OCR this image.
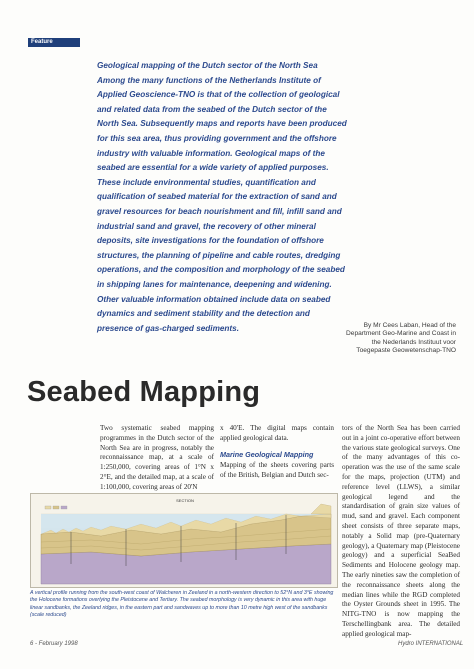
Feature

Geological mapping of the Dutch sector of the North Sea Among the many functions of the Netherlands Institute of Applied Geoscience-TNO is that of the collection of geological and related data from the seabed of the Dutch sector of the North Sea. Subsequently maps and reports have been produced for this sea area, thus providing government and the offshore industry with valuable information. Geological maps of the seabed are essential for a wide variety of applied purposes. These include environmental studies, quantification and qualification of seabed material for the extraction of sand and gravel resources for beach nourishment and fill, infill sand and industrial sand and gravel, the recovery of other mineral deposits, site investigations for the foundation of offshore structures, the planning of pipeline and cable routes, dredging operations, and the composition and morphology of the seabed in shipping lanes for maintenance, deepening and widening. Other valuable information obtained include data on seabed dynamics and sediment stability and the detection and presence of gas-charged sediments.	By Mr Cees Laban, Head of the Department Geo-Marine and Coast in the Nederlands Instituut voor Toegepaste Geowetenschap-TNO

Seabed Mapping

Two systematic seabed mapping programmes in the Dutch sector of the North Sea are in progress, notably the reconnaissance map, at a scale of 1:250,000, covering areas of 1°N x 2°E, and the detailed map, at a scale of 1:100,000, covering areas of 20'N

x 40'E. The digital maps contain applied geological data.

Marine Geological Mapping

Mapping of the sheets covering parts of the British, Belgian and Dutch sec-

tors of the North Sea has been carried out in a joint co-operative effort between the various state geological surveys. One of the many advantages of this co-operation was the use of the same scale for the maps, projection (UTM) and reference level (LLWS), a similar geological legend and the standardisation of grain size values of mud, sand and gravel. Each component sheet consists of three separate maps, notably a Solid map (pre-Quaternary geology), a Quaternary map (Pleistocene geology) and a superficial SeaBed Sediments and Holocene geology map. The early nineties saw the completion of the reconnaissance sheets along the median lines while the RGD completed the Oyster Grounds sheet in 1995. The NITG-TNO is now mapping the Terschellingbank area. The detailed applied geological map-

SECTION

A vertical profile running from the south-west coast of Walcheren in Zeeland in a north-western direction to 52°N and 3°E showing the Holocene formations overlying the Pleistocene and Tertiary. The seabed morphology is very dynamic in this area with huge linear sandbanks, the Zeeland ridges, in the eastern part and sandwaves up to more than 10 metre high west of the sandbanks (scale reduced)

6 - February 1998	Hydro INTERNATIONAL
